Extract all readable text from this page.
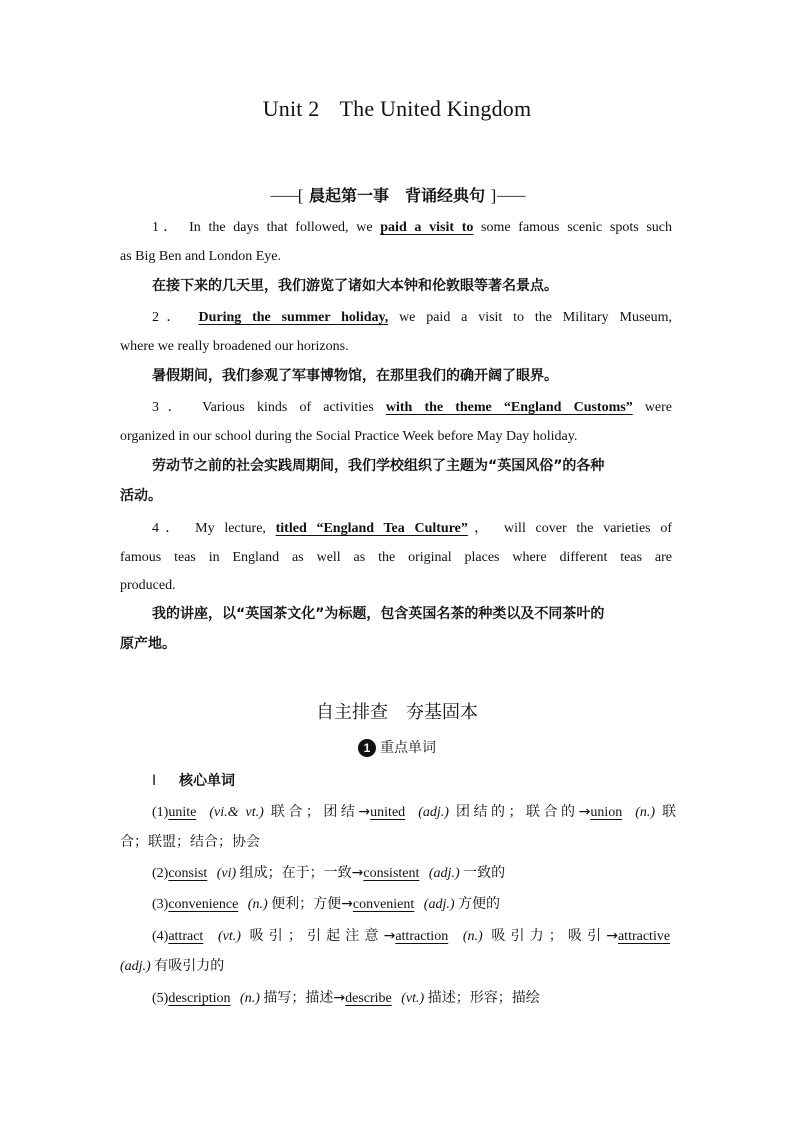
Unit 2 The United Kingdom
——[ 晨起第一事　背诵经典句 ]——
1． In the days that followed, we paid a visit to some famous scenic spots such
as Big Ben and London Eye.
在接下来的几天里，我们游览了诸如大本钟和伦敦眼等著名景点。
2． During the summer holiday, we paid a visit to the Military Museum,
where we really broadened our horizons.
暑假期间，我们参观了军事博物馆，在那里我们的确开阔了眼界。
3． Various kinds of activities with the theme “England Customs” were
organized in our school during the Social Practice Week before May Day holiday.
劳动节之前的社会实践周期间，我们学校组织了主题为“英国风俗”的各种
活动。
4． My lecture, titled “England Tea Culture”， will cover the varieties of
famous teas in England as well as the original places where different teas are
produced.
我的讲座，以“英国茶文化”为标题，包含英国名茶的种类以及不同茶叶的
原产地。
自主排查　夯基固本
1 重点单词
Ⅰ 核心单词
(1)unite (vi.& vt.) 联合；团结→united (adj.) 团结的；联合的→union (n.) 联
合；联盟；结合；协会
(2)consist (vi) 组成；在于；一致→consistent (adj.) 一致的
(3)convenience (n.) 便利；方便→convenient (adj.) 方便的
(4)attract (vt.) 吸引；引起注意→attraction (n.) 吸引力；吸引→attractive
(adj.) 有吸引力的
(5)description (n.) 描写；描述→describe (vt.) 描述；形容；描绘
